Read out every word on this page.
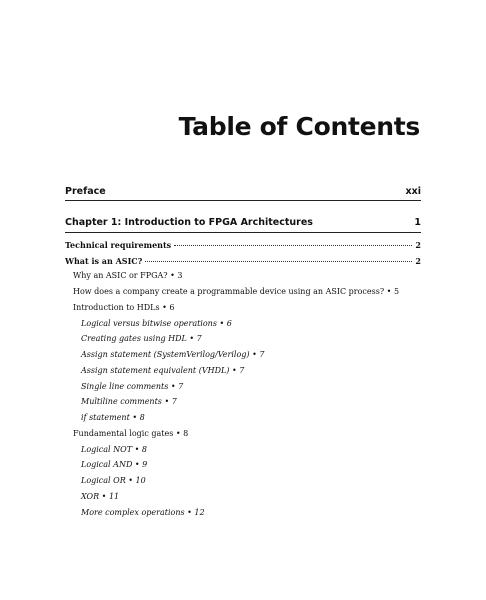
Table of Contents
Preface	xxi
Chapter 1: Introduction to FPGA Architectures	1
Technical requirements	2
What is an ASIC?	2
Why an ASIC or FPGA? • 3
How does a company create a programmable device using an ASIC process? • 5
Introduction to HDLs • 6
Logical versus bitwise operations • 6
Creating gates using HDL • 7
Assign statement (SystemVerilog/Verilog) • 7
Assign statement equivalent (VHDL) • 7
Single line comments • 7
Multiline comments • 7
if statement • 8
Fundamental logic gates • 8
Logical NOT • 8
Logical AND • 9
Logical OR • 10
XOR • 11
More complex operations • 12
